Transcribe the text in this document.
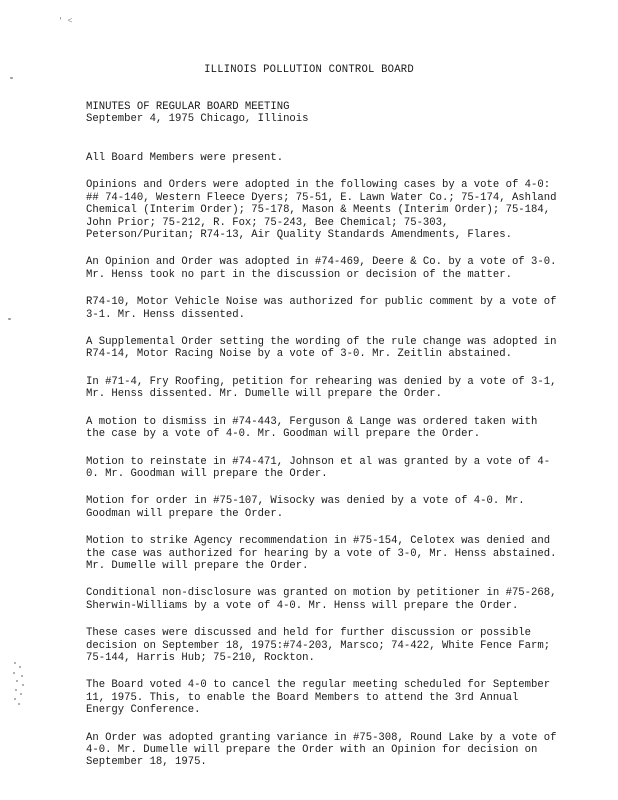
' <
ILLINOIS POLLUTION CONTROL BOARD
MINUTES OF REGULAR BOARD MEETING
September 4, 1975 Chicago, Illinois

All Board Members were present.

Opinions and Orders were adopted in the following cases by a vote of 4-0: ## 74-140, Western Fleece Dyers; 75-51, E. Lawn Water Co.; 75-174, Ashland Chemical (Interim Order); 75-178, Mason & Meents (Interim Order); 75-184, John Prior; 75-212, R. Fox; 75-243, Bee Chemical; 75-303, Peterson/Puritan; R74-13, Air Quality Standards Amendments, Flares.

An Opinion and Order was adopted in #74-469, Deere & Co. by a vote of 3-0. Mr. Henss took no part in the discussion or decision of the matter.

R74-10, Motor Vehicle Noise was authorized for public comment by a vote of 3-1. Mr. Henss dissented.

A Supplemental Order setting the wording of the rule change was adopted in R74-14, Motor Racing Noise by a vote of 3-0. Mr. Zeitlin abstained.

In #71-4, Fry Roofing, petition for rehearing was denied by a vote of 3-1, Mr. Henss dissented. Mr. Dumelle will prepare the Order.

A motion to dismiss in #74-443, Ferguson & Lange was ordered taken with the case by a vote of 4-0. Mr. Goodman will prepare the Order.

Motion to reinstate in #74-471, Johnson et al was granted by a vote of 4-0. Mr. Goodman will prepare the Order.

Motion for order in #75-107, Wisocky was denied by a vote of 4-0. Mr. Goodman will prepare the Order.

Motion to strike Agency recommendation in #75-154, Celotex was denied and the case was authorized for hearing by a vote of 3-0, Mr. Henss abstained. Mr. Dumelle will prepare the Order.

Conditional non-disclosure was granted on motion by petitioner in #75-268, Sherwin-Williams by a vote of 4-0. Mr. Henss will prepare the Order.

These cases were discussed and held for further discussion or possible decision on September 18, 1975:#74-203, Marsco; 74-422, White Fence Farm; 75-144, Harris Hub; 75-210, Rockton.

The Board voted 4-0 to cancel the regular meeting scheduled for September 11, 1975. This, to enable the Board Members to attend the 3rd Annual Energy Conference.

An Order was adopted granting variance in #75-308, Round Lake by a vote of 4-0. Mr. Dumelle will prepare the Order with an Opinion for decision on September 18, 1975.
